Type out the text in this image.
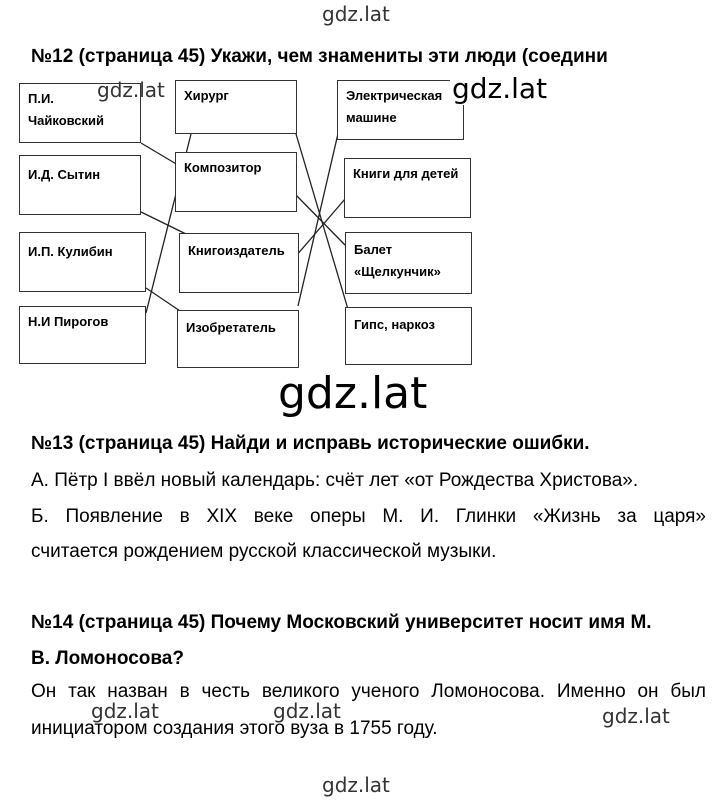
gdz.lat
№12 (страница 45) Укажи, чем знамениты эти люди (соедини
П.И. Чайковский
И.Д. Сытин
И.П. Кулибин
Н.И Пирогов
Хирург
Композитор
Книгоиздатель
Изобретатель
Электрическая машине
Книги для детей
Балет «Щелкунчик»
Гипс, наркоз
gdz.lat	gdz.lat
gdz.lat
№13 (страница 45) Найди и исправь исторические ошибки.
А. Пётр I ввёл новый календарь: счёт лет «от Рождества Христова».
Б. Появление в XIX веке оперы М. И. Глинки «Жизнь за царя»
считается рождением русской классической музыки.
№14 (страница 45) Почему Московский университет носит имя М.
В. Ломоносова?
Он так назван в честь великого ученого Ломоносова. Именно он был
инициатором создания этого вуза в 1755 году.
gdz.lat	gdz.lat	gdz.lat
gdz.lat
